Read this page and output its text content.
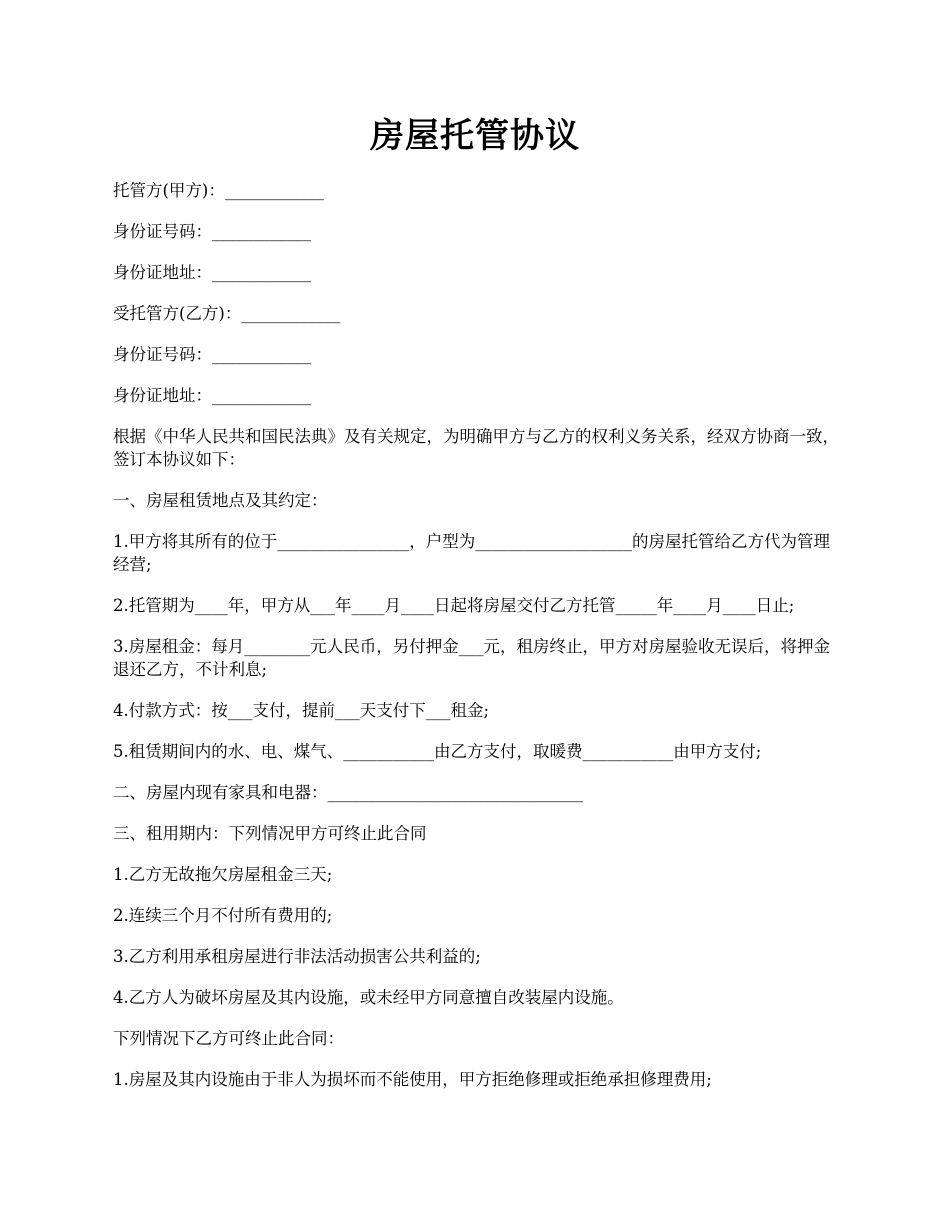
房屋托管协议

托管方(甲方)：____________

身份证号码：____________

身份证地址：____________

受托管方(乙方)：____________

身份证号码：____________

身份证地址：____________

根据《中华人民共和国民法典》及有关规定，为明确甲方与乙方的权利义务关系，经双方协商一致，签订本协议如下：

一、房屋租赁地点及其约定：

1.甲方将其所有的位于________________，户型为___________________的房屋托管给乙方代为管理经营;

2.托管期为____年，甲方从___年____月____日起将房屋交付乙方托管_____年____月____日止;

3.房屋租金：每月________元人民币，另付押金___元，租房终止，甲方对房屋验收无误后，将押金退还乙方，不计利息;

4.付款方式：按___支付，提前___天支付下___租金;

5.租赁期间内的水、电、煤气、___________由乙方支付，取暖费___________由甲方支付;

二、房屋内现有家具和电器：_______________________________

三、租用期内：下列情况甲方可终止此合同

1.乙方无故拖欠房屋租金三天;

2.连续三个月不付所有费用的;

3.乙方利用承租房屋进行非法活动损害公共利益的;

4.乙方人为破坏房屋及其内设施，或未经甲方同意擅自改装屋内设施。

下列情况下乙方可终止此合同：

1.房屋及其内设施由于非人为损坏而不能使用，甲方拒绝修理或拒绝承担修理费用;
